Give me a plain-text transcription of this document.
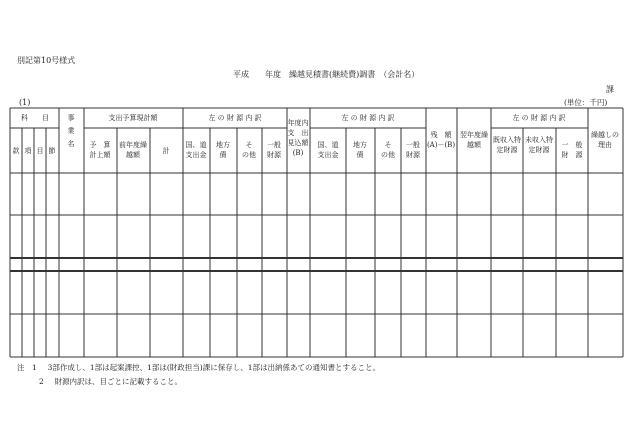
別記第10号様式
平成 年度 繰越見積書(継続費)調書 （会計名）
課
(1)	(単位：千円)
科　　目
款 項 目 節
事業名
支出予算現計額
予　算計上額
前年度繰越額	計
左 の 財 源 内 訳
国、道支出金
地方債
そ の他
一般財源
年度内支　出見込額(B)
左 の 財 源 内 訳
国、道支出金
地方債
そ の他
一般財源
残　額(A)－(B)
翌年度繰越額
左 の 財 源 内 訳
既収入特定財源
未収入特定財源
一　般財　源
繰越しの理由
注　1 3部作成し、1部は起案課控、1部は(財政担当)課に保存し、1部は出納係あての通知書とすること。
2 財源内訳は、目ごとに記載すること。
